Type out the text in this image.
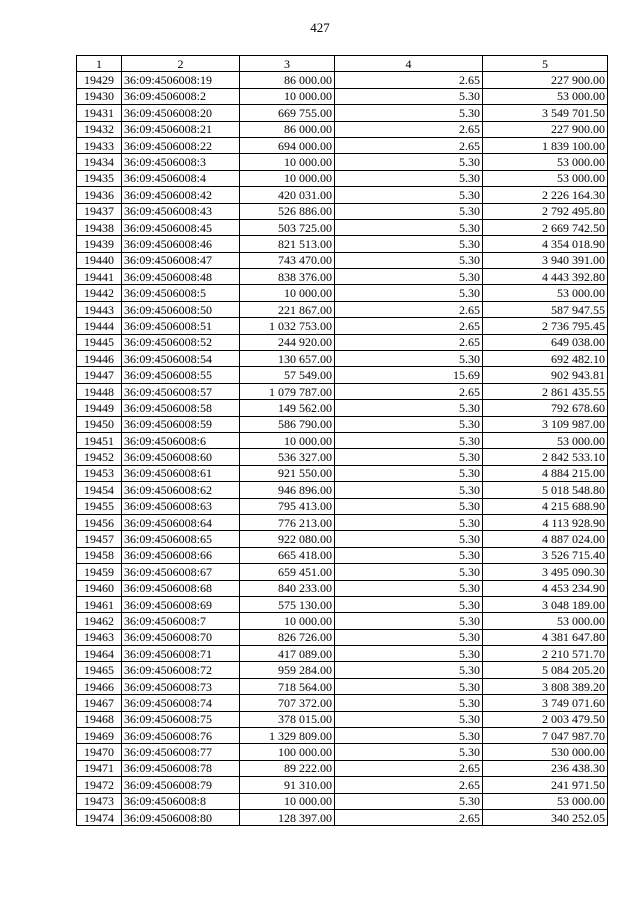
427
1	2	3	4	5
19429	36:09:4506008:19	86 000.00	2.65	227 900.00
19430	36:09:4506008:2	10 000.00	5.30	53 000.00
19431	36:09:4506008:20	669 755.00	5.30	3 549 701.50
19432	36:09:4506008:21	86 000.00	2.65	227 900.00
19433	36:09:4506008:22	694 000.00	2.65	1 839 100.00
19434	36:09:4506008:3	10 000.00	5.30	53 000.00
19435	36:09:4506008:4	10 000.00	5.30	53 000.00
19436	36:09:4506008:42	420 031.00	5.30	2 226 164.30
19437	36:09:4506008:43	526 886.00	5.30	2 792 495.80
19438	36:09:4506008:45	503 725.00	5.30	2 669 742.50
19439	36:09:4506008:46	821 513.00	5.30	4 354 018.90
19440	36:09:4506008:47	743 470.00	5.30	3 940 391.00
19441	36:09:4506008:48	838 376.00	5.30	4 443 392.80
19442	36:09:4506008:5	10 000.00	5.30	53 000.00
19443	36:09:4506008:50	221 867.00	2.65	587 947.55
19444	36:09:4506008:51	1 032 753.00	2.65	2 736 795.45
19445	36:09:4506008:52	244 920.00	2.65	649 038.00
19446	36:09:4506008:54	130 657.00	5.30	692 482.10
19447	36:09:4506008:55	57 549.00	15.69	902 943.81
19448	36:09:4506008:57	1 079 787.00	2.65	2 861 435.55
19449	36:09:4506008:58	149 562.00	5.30	792 678.60
19450	36:09:4506008:59	586 790.00	5.30	3 109 987.00
19451	36:09:4506008:6	10 000.00	5.30	53 000.00
19452	36:09:4506008:60	536 327.00	5.30	2 842 533.10
19453	36:09:4506008:61	921 550.00	5.30	4 884 215.00
19454	36:09:4506008:62	946 896.00	5.30	5 018 548.80
19455	36:09:4506008:63	795 413.00	5.30	4 215 688.90
19456	36:09:4506008:64	776 213.00	5.30	4 113 928.90
19457	36:09:4506008:65	922 080.00	5.30	4 887 024.00
19458	36:09:4506008:66	665 418.00	5.30	3 526 715.40
19459	36:09:4506008:67	659 451.00	5.30	3 495 090.30
19460	36:09:4506008:68	840 233.00	5.30	4 453 234.90
19461	36:09:4506008:69	575 130.00	5.30	3 048 189.00
19462	36:09:4506008:7	10 000.00	5.30	53 000.00
19463	36:09:4506008:70	826 726.00	5.30	4 381 647.80
19464	36:09:4506008:71	417 089.00	5.30	2 210 571.70
19465	36:09:4506008:72	959 284.00	5.30	5 084 205.20
19466	36:09:4506008:73	718 564.00	5.30	3 808 389.20
19467	36:09:4506008:74	707 372.00	5.30	3 749 071.60
19468	36:09:4506008:75	378 015.00	5.30	2 003 479.50
19469	36:09:4506008:76	1 329 809.00	5.30	7 047 987.70
19470	36:09:4506008:77	100 000.00	5.30	530 000.00
19471	36:09:4506008:78	89 222.00	2.65	236 438.30
19472	36:09:4506008:79	91 310.00	2.65	241 971.50
19473	36:09:4506008:8	10 000.00	5.30	53 000.00
19474	36:09:4506008:80	128 397.00	2.65	340 252.05
